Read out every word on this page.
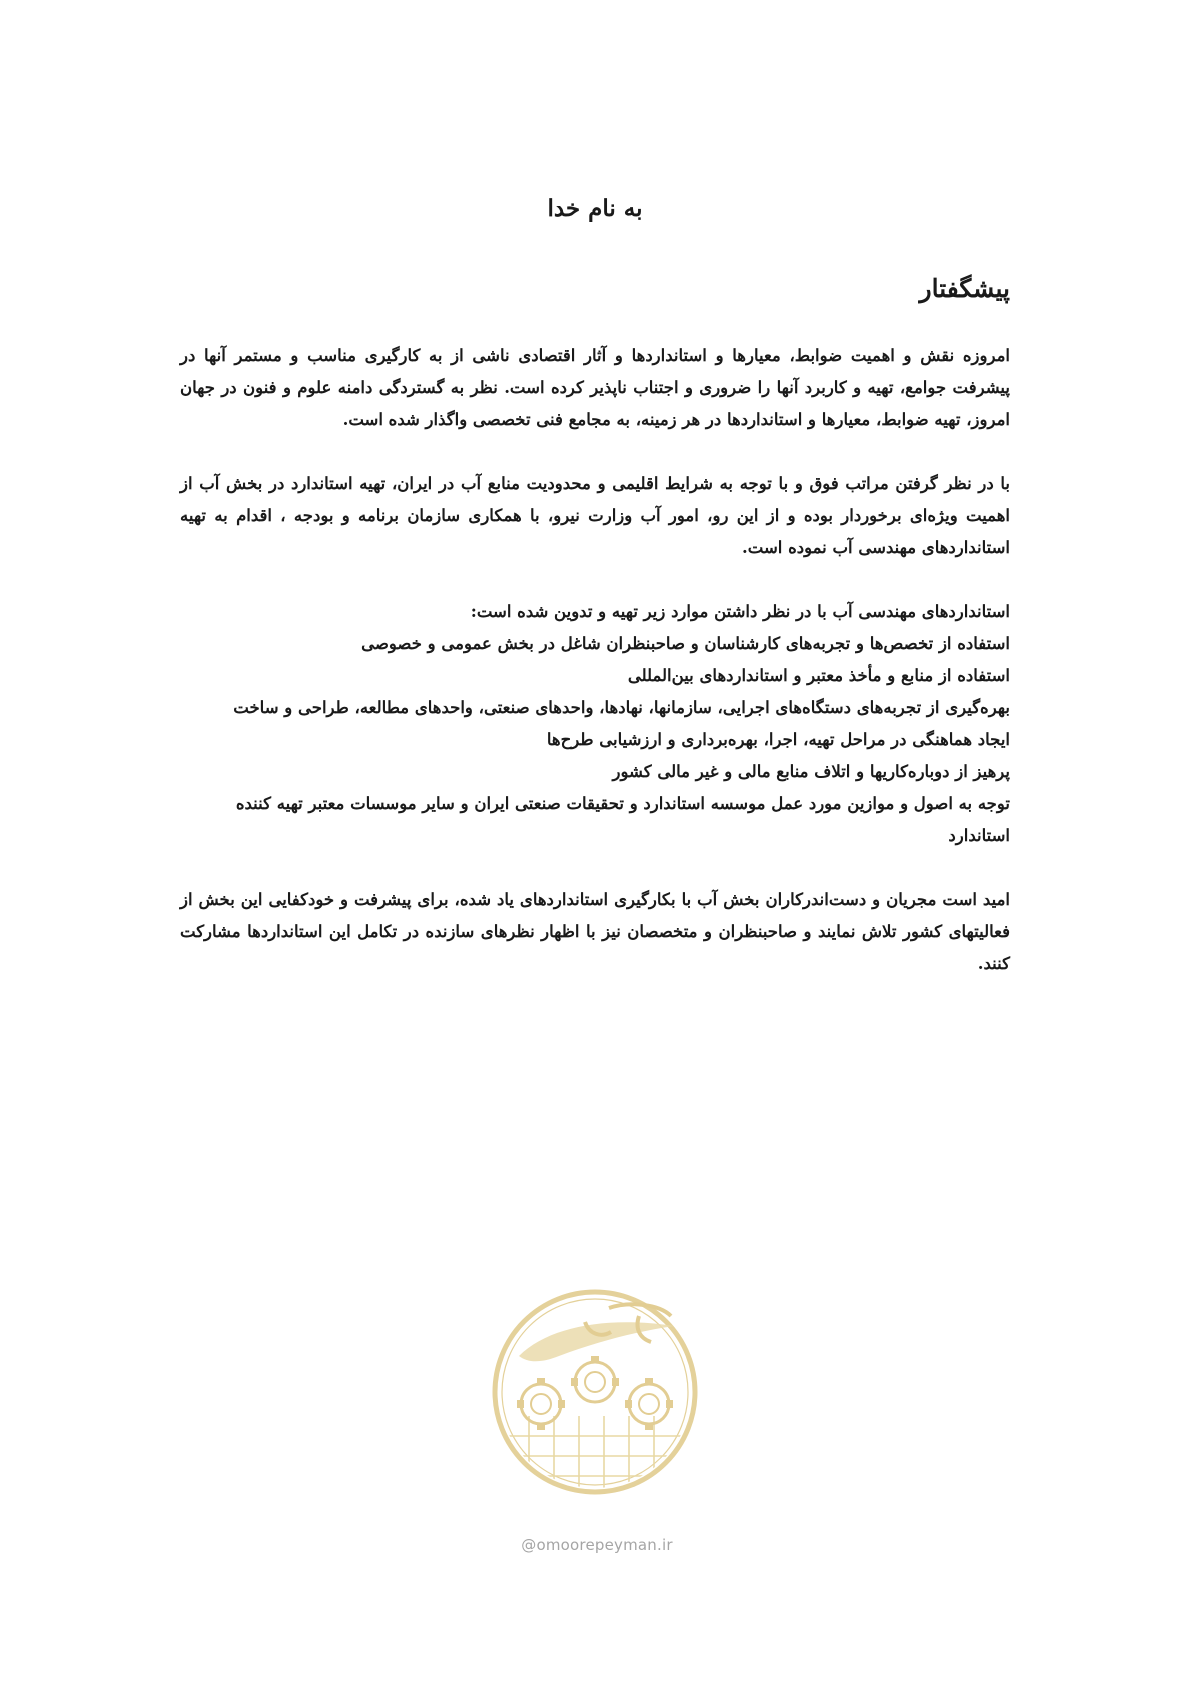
به نام خدا
پیشگفتار

امروزه نقش و اهمیت ضوابط، معیارها و استانداردها و آثار اقتصادی ناشی از به کارگیری مناسب و مستمر آنها در پیشرفت جوامع، تهیه و کاربرد آنها را ضروری و اجتناب ناپذیر کرده است. نظر به گستردگی دامنه علوم و فنون در جهان امروز، تهیه ضوابط، معیارها و استانداردها در هر زمینه، به مجامع فنی تخصصی واگذار شده است.

با در نظر گرفتن مراتب فوق و با توجه به شرایط اقلیمی و محدودیت منابع آب در ایران، تهیه استاندارد در بخش آب از اهمیت ویژه‌ای برخوردار بوده و از این رو، امور آب وزارت نیرو، با همکاری سازمان برنامه و بودجه ، اقدام به تهیه استانداردهای مهندسی آب نموده است.

استانداردهای مهندسی آب با در نظر داشتن موارد زیر تهیه و تدوین شده است:
استفاده از تخصص‌ها و تجربه‌های کارشناسان و صاحبنظران شاغل در بخش عمومی و خصوصی
استفاده از منابع و مأخذ معتبر و استانداردهای بین‌المللی
بهره‌گیری از تجربه‌های دستگاه‌های اجرایی، سازمانها، نهادها، واحدهای صنعتی، واحدهای مطالعه، طراحی و ساخت
ایجاد هماهنگی در مراحل تهیه، اجرا، بهره‌برداری و ارزشیابی طرح‌ها
پرهیز از دوباره‌کاریها و اتلاف منابع مالی و غیر مالی کشور
توجه به اصول و موازین مورد عمل موسسه استاندارد و تحقیقات صنعتی ایران و سایر موسسات معتبر تهیه کننده استاندارد

امید است مجریان و دست‌اندرکاران بخش آب با بکارگیری استانداردهای یاد شده، برای پیشرفت و خودکفایی این بخش از فعالیتهای کشور تلاش نمایند و صاحبنظران و متخصصان نیز با اظهار نظرهای سازنده در تکامل این استانداردها مشارکت کنند.

@omoorepeyman.ir
